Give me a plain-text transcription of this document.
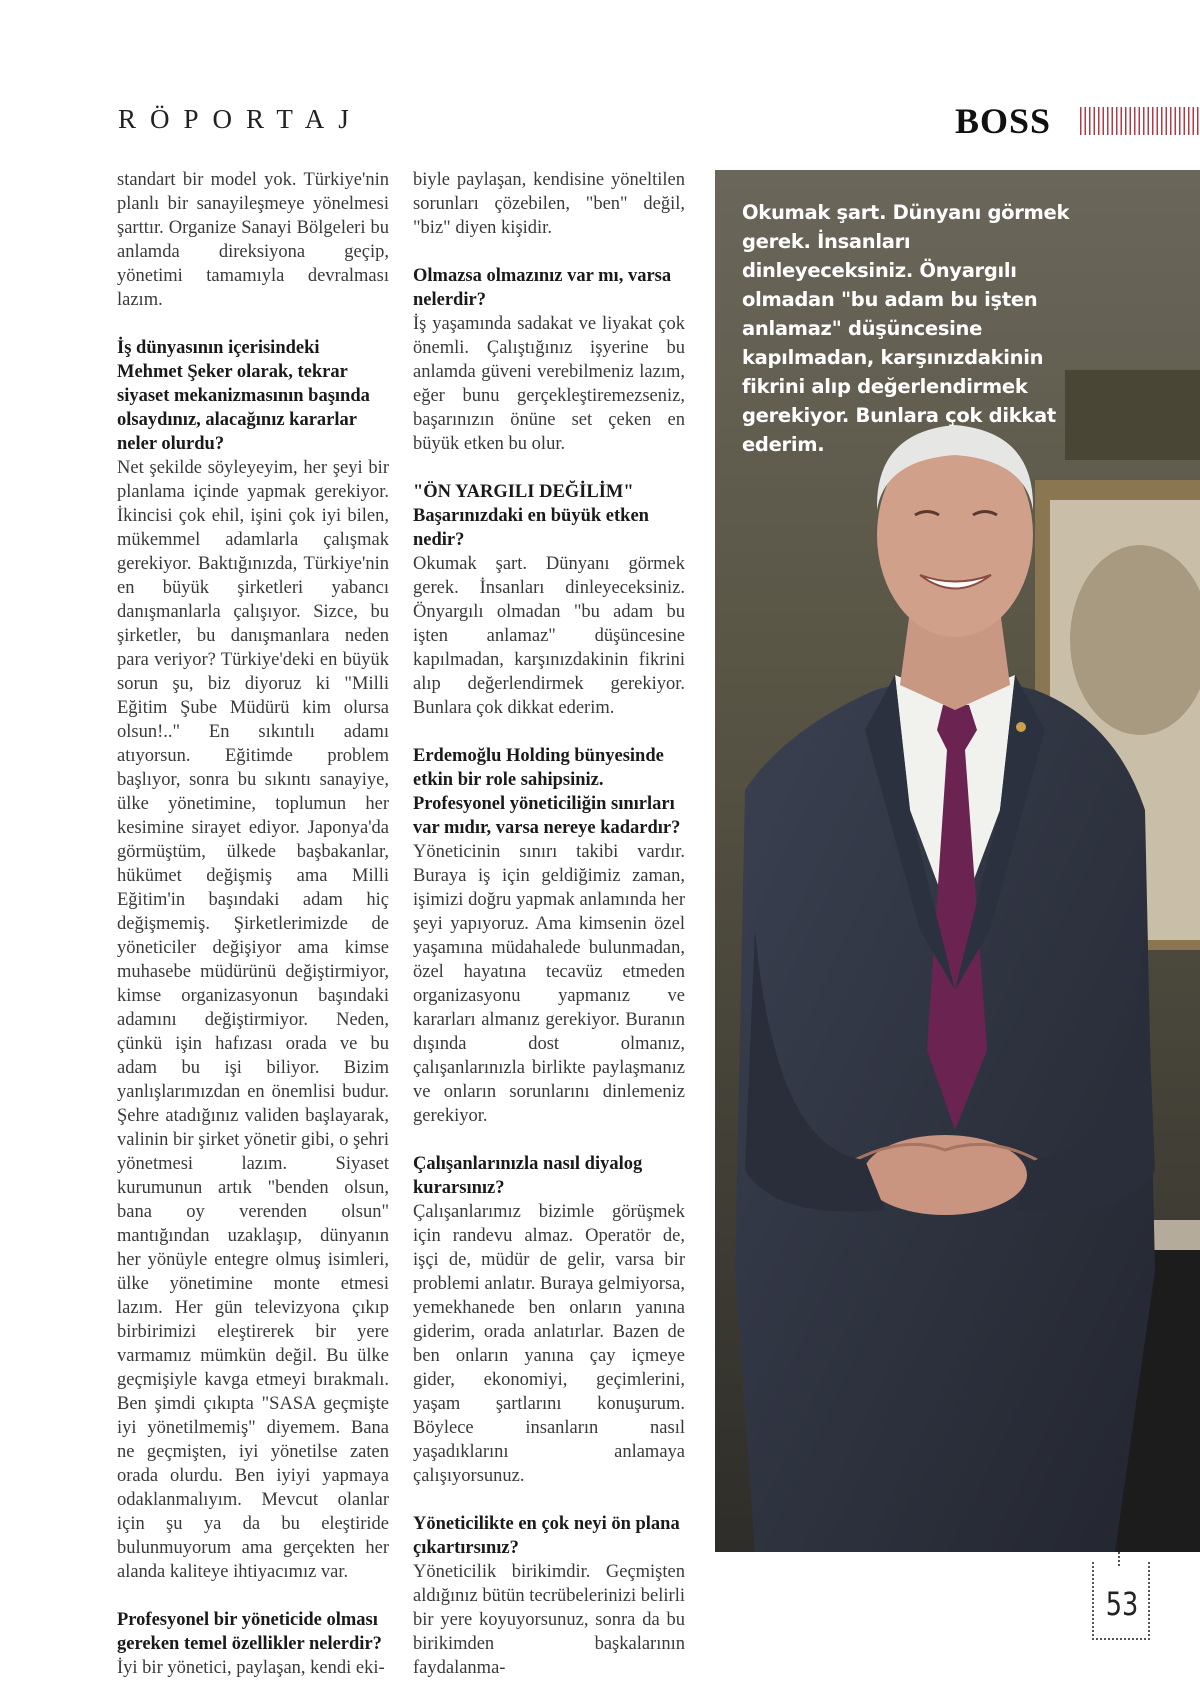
RÖPORTAJ	BOSS

standart bir model yok. Türkiye'nin planlı bir sanayileşmeye yönelmesi şarttır. Organize Sanayi Bölgeleri bu anlamda direksiyona geçip, yönetimi tamamıyla devralması lazım.

İş dünyasının içerisindeki Mehmet Şeker olarak, tekrar siyaset mekanizmasının başında olsaydınız, alacağınız kararlar neler olurdu?

Net şekilde söyleyeyim, her şeyi bir planlama içinde yapmak gerekiyor. İkincisi çok ehil, işini çok iyi bilen, mükemmel adamlarla çalışmak gerekiyor. Baktığınızda, Türkiye'nin en büyük şirketleri yabancı danışmanlarla çalışıyor. Sizce, bu şirketler, bu danışmanlara neden para veriyor? Türkiye'deki en büyük sorun şu, biz diyoruz ki "Milli Eğitim Şube Müdürü kim olursa olsun!.." En sıkıntılı adamı atıyorsun. Eğitimde problem başlıyor, sonra bu sıkıntı sanayiye, ülke yönetimine, toplumun her kesimine sirayet ediyor. Japonya'da görmüştüm, ülkede başbakanlar, hükümet değişmiş ama Milli Eğitim'in başındaki adam hiç değişmemiş. Şirketlerimizde de yöneticiler değişiyor ama kimse muhasebe müdürünü değiştirmiyor, kimse organizasyonun başındaki adamını değiştirmiyor. Neden, çünkü işin hafızası orada ve bu adam bu işi biliyor. Bizim yanlışlarımızdan en önemlisi budur. Şehre atadığınız validen başlayarak, valinin bir şirket yönetir gibi, o şehri yönetmesi lazım. Siyaset kurumunun artık "benden olsun, bana oy verenden olsun" mantığından uzaklaşıp, dünyanın her yönüyle entegre olmuş isimleri, ülke yönetimine monte etmesi lazım. Her gün televizyona çıkıp birbirimizi eleştirerek bir yere varmamız mümkün değil. Bu ülke geçmişiyle kavga etmeyi bırakmalı. Ben şimdi çıkıpta "SASA geçmişte iyi yönetilmemiş" diyemem. Bana ne geçmişten, iyi yönetilse zaten orada olurdu. Ben iyiyi yapmaya odaklanmalıyım. Mevcut olanlar için şu ya da bu eleştiride bulunmuyorum ama gerçekten her alanda kaliteye ihtiyacımız var.

Profesyonel bir yöneticide olması gereken temel özellikler nelerdir?

İyi bir yönetici, paylaşan, kendi eki-

biyle paylaşan, kendisine yöneltilen sorunları çözebilen, "ben" değil, "biz" diyen kişidir.

Olmazsa olmazınız var mı, varsa nelerdir?

İş yaşamında sadakat ve liyakat çok önemli. Çalıştığınız işyerine bu anlamda güveni verebilmeniz lazım, eğer bunu gerçekleştiremezseniz, başarınızın önüne set çeken en büyük etken bu olur.

"ÖN YARGILI DEĞİLİM"

Başarınızdaki en büyük etken nedir?

Okumak şart. Dünyanı görmek gerek. İnsanları dinleyeceksiniz. Önyargılı olmadan "bu adam bu işten anlamaz" düşüncesine kapılmadan, karşınızdakinin fikrini alıp değerlendirmek gerekiyor. Bunlara çok dikkat ederim.

Erdemoğlu Holding bünyesinde etkin bir role sahipsiniz. Profesyonel yöneticiliğin sınırları var mıdır, varsa nereye kadardır?

Yöneticinin sınırı takibi vardır. Buraya iş için geldiğimiz zaman, işimizi doğru yapmak anlamında her şeyi yapıyoruz. Ama kimsenin özel yaşamına müdahalede bulunmadan, özel hayatına tecavüz etmeden organizasyonu yapmanız ve kararları almanız gerekiyor. Buranın dışında dost olmanız, çalışanlarınızla birlikte paylaşmanız ve onların sorunlarını dinlemeniz gerekiyor.

Çalışanlarınızla nasıl diyalog kurarsınız?

Çalışanlarımız bizimle görüşmek için randevu almaz. Operatör de, işçi de, müdür de gelir, varsa bir problemi anlatır. Buraya gelmiyorsa, yemekhanede ben onların yanına giderim, orada anlatırlar. Bazen de ben onların yanına çay içmeye gider, ekonomiyi, geçimlerini, yaşam şartlarını konuşurum. Böylece insanların nasıl yaşadıklarını anlamaya çalışıyorsunuz.

Yöneticilikte en çok neyi ön plana çıkartırsınız?

Yöneticilik birikimdir. Geçmişten aldığınız bütün tecrübelerinizi belirli bir yere koyuyorsunuz, sonra da bu birikimden başkalarının faydalanma-

Okumak şart. Dünyanı görmek gerek. İnsanları dinleyeceksiniz. Önyargılı olmadan "bu adam bu işten anlamaz" düşüncesine kapılmadan, karşınızdakinin fikrini alıp değerlendirmek gerekiyor. Bunlara çok dikkat ederim.
53
